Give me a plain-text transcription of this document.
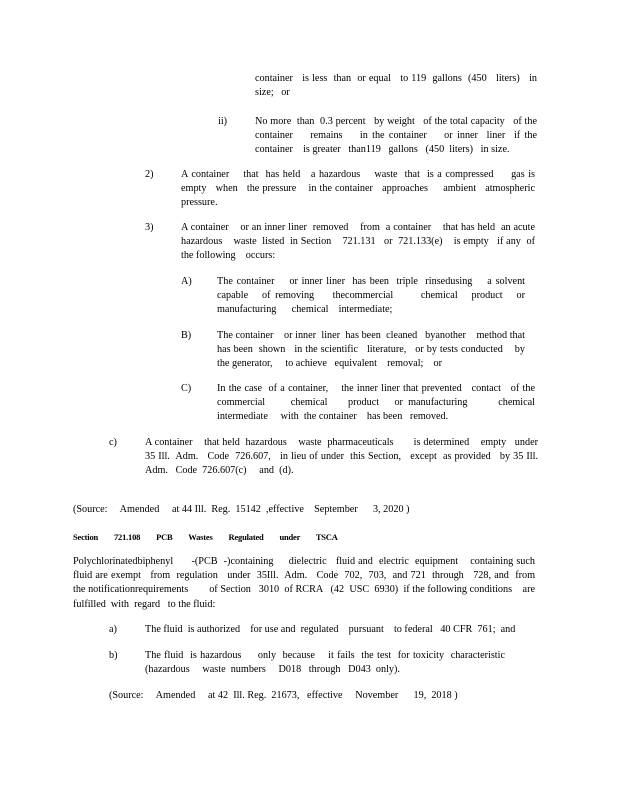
container   is less  than  or equal   to 119  gallons  (450   liters)   in size;   or
ii)	No more  than  0.3 percent   by weight   of the total capacity   of the container    remains    in the container    or inner  liner  if the container    is greater   than119   gallons   (450  liters)   in size.
2)	A container    that  has held   a hazardous    waste  that  is a compressed     gas is empty   when   the pressure    in the container   approaches     ambient   atmospheric pressure.
3)	A container    or an inner liner  removed    from  a container    that has held  an acute  hazardous    waste  listed  in Section    721.131   or  721.133(e)    is empty   if any  of the following    occurs:
A) The container    or inner liner  has been  triple  rinsedusing    a solvent capable   of removing    thecommercial      chemical   product   or manufacturing      chemical    intermediate;
B)	The container    or inner  liner  has been  cleaned   byanother    method that  has been  shown   in the scientific   literature,   or by tests conducted    by the generator,     to achieve   equivalent    removal;    or
C)	In the case  of a container,    the inner liner that prevented   contact   of the commercial     chemical    product   or manufacturing      chemical intermediate     with  the container    has been   removed.
c)	A container    that held  hazardous    waste  pharmaceuticals       is determined    empty   under 35 Ill.  Adm.   Code  726.607,   in lieu of under  this Section,   except  as provided   by 35 Ill.  Adm.   Code  726.607(c)     and  (d).
(Source:     Amended     at 44 Ill.  Reg.  15142  ,effective    September      3, 2020 )
Section 721.108 PCB Wastes Regulated under TSCA
Polychlorinatedbiphenyl      -(PCB  -)containing     dielectric   fluid and  electric  equipment    containing such  fluid are exempt   from  regulation   under  35Ill.  Adm.   Code  702,  703,  and 721  through   728, and  from   the notificationrequirements        of Section   3010  of RCRA   (42  USC  6930)  if the following conditions    are  fulfilled  with  regard   to the fluid:
a)	The fluid  is authorized    for use and  regulated    pursuant    to federal   40 CFR  761;  and
b)	The fluid  is hazardous     only  because    it fails  the test  for toxicity  characteristic (hazardous     waste  numbers     D018   through   D043  only).
(Source:     Amended     at 42  Ill. Reg.  21673,   effective     November      19,  2018 )
